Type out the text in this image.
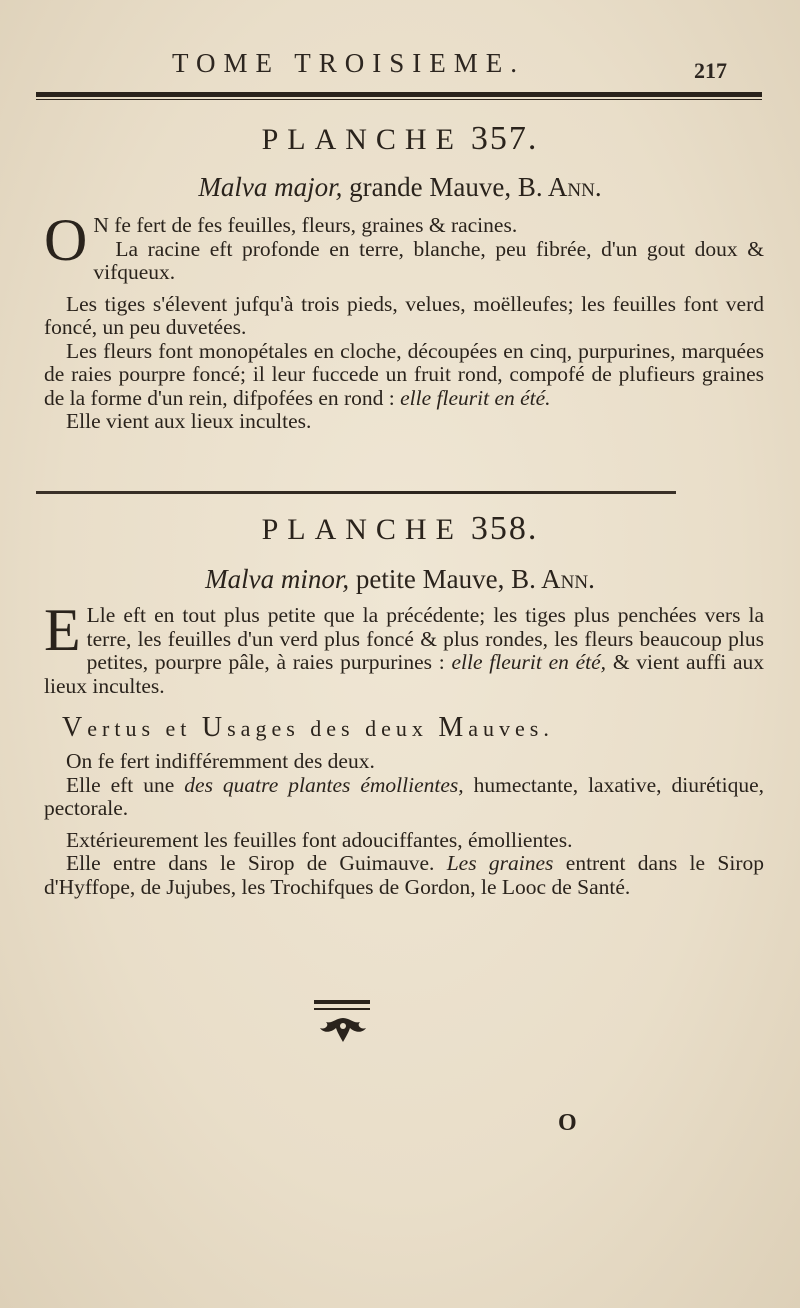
TOME TROISIEME.	217
PLANCHE 357.
Malva major, grande Mauve, B. Ann.

O N fe fert de fes feuilles, fleurs, graines & racines.

La racine eft profonde en terre, blanche, peu fibrée, d'un gout doux & vifqueux.

Les tiges s'élevent jufqu'à trois pieds, velues, moëlleufes; les feuilles font verd foncé, un peu duvetées.

Les fleurs font monopétales en cloche, découpées en cinq, purpurines, marquées de raies pourpre foncé; il leur fuccede un fruit rond, compofé de plufieurs graines de la forme d'un rein, difpofées en rond : elle fleurit en été.

Elle vient aux lieux incultes.

PLANCHE 358.
Malva minor, petite Mauve, B. Ann.

E Lle eft en tout plus petite que la précédente; les tiges plus penchées vers la terre, les feuilles d'un verd plus foncé & plus rondes, les fleurs beaucoup plus petites, pourpre pâle, à raies purpurines : elle fleurit en été, & vient auffi aux lieux incultes.

Vertus et Usages des deux Mauves.

On fe fert indifféremment des deux.

Elle eft une des quatre plantes émollientes, humectante, laxative, diurétique, pectorale.

Extérieurement les feuilles font adouciffantes, émollientes.

Elle entre dans le Sirop de Guimauve. Les graines entrent dans le Sirop d'Hyffope, de Jujubes, les Trochifques de Gordon, le Looc de Santé.

O
